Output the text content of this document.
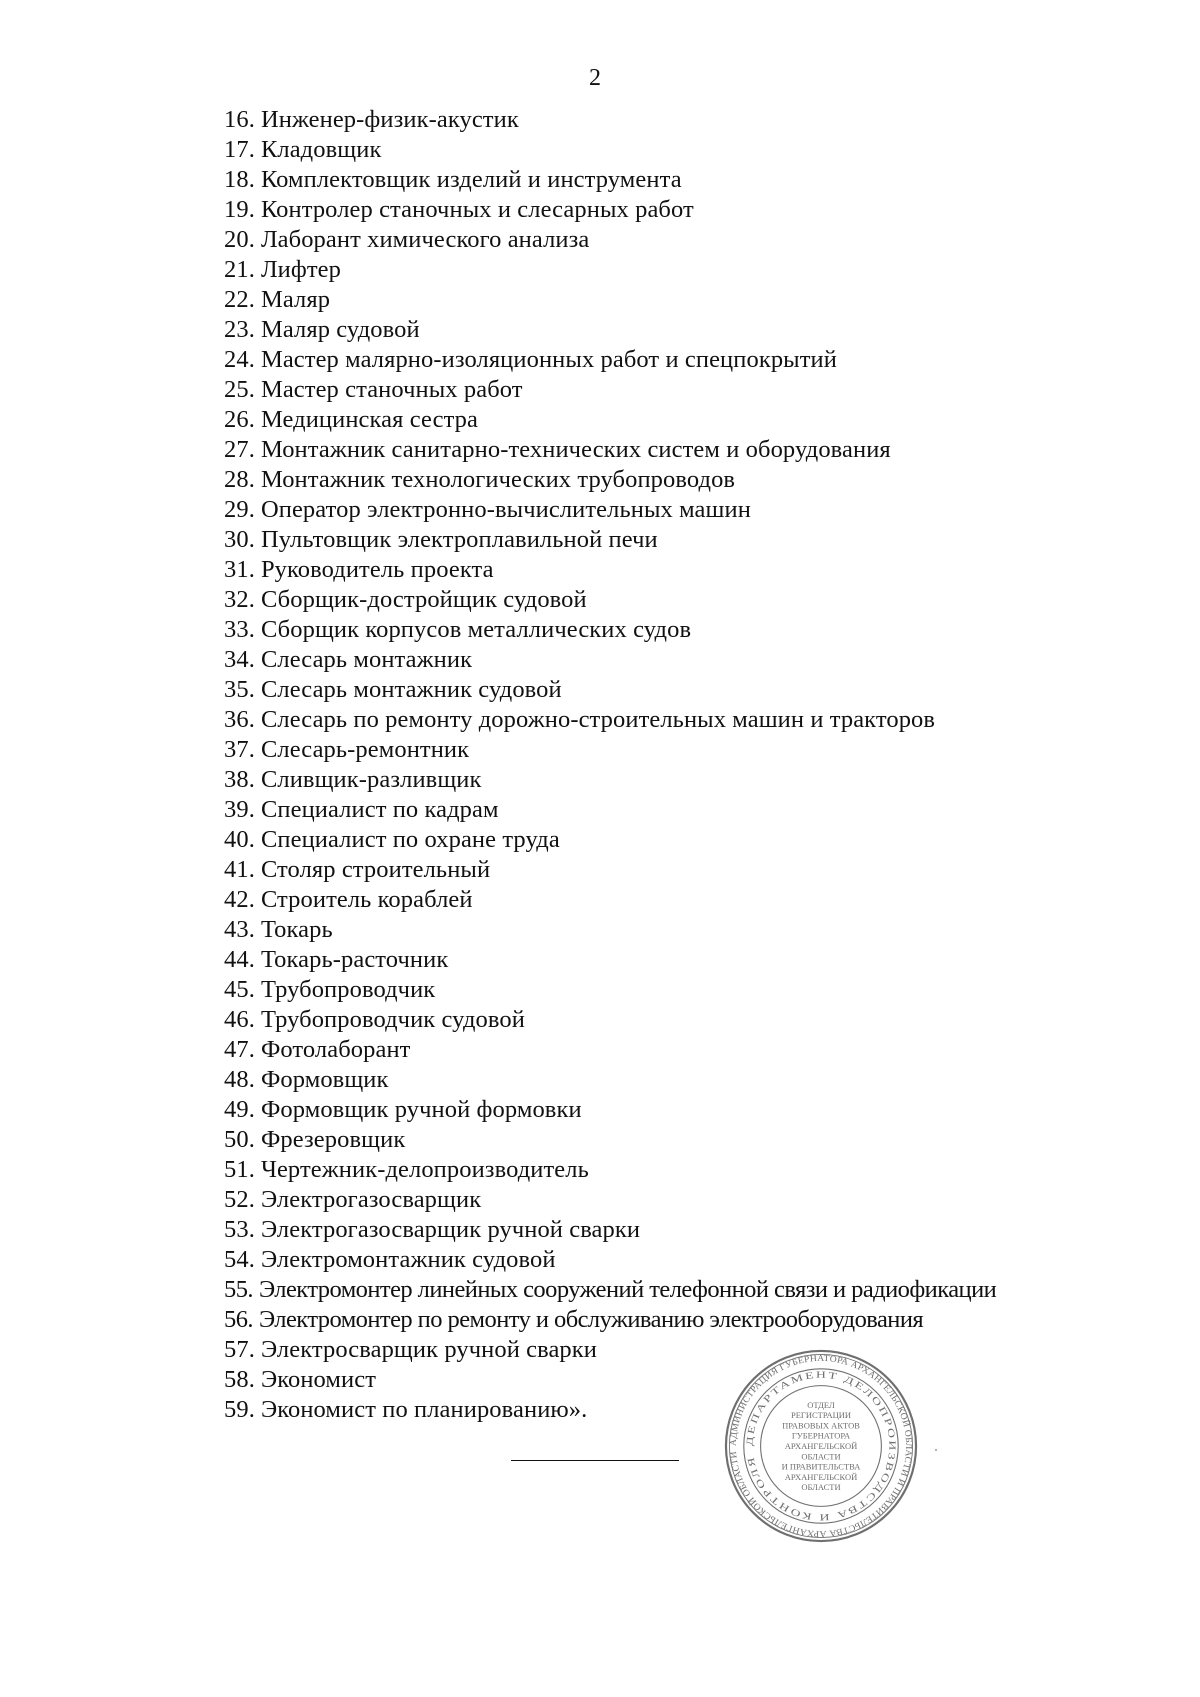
2
16. Инженер-физик-акустик
17. Кладовщик
18. Комплектовщик изделий и инструмента
19. Контролер станочных и слесарных работ
20. Лаборант химического анализа
21. Лифтер
22. Маляр
23. Маляр судовой
24. Мастер малярно-изоляционных работ и спецпокрытий
25. Мастер станочных работ
26. Медицинская сестра
27. Монтажник санитарно-технических систем и оборудования
28. Монтажник технологических трубопроводов
29. Оператор электронно-вычислительных машин
30. Пультовщик электроплавильной печи
31. Руководитель проекта
32. Сборщик-достройщик судовой
33. Сборщик корпусов металлических судов
34. Слесарь монтажник
35. Слесарь монтажник судовой
36. Слесарь по ремонту дорожно-строительных машин и тракторов
37. Слесарь-ремонтник
38. Сливщик-разливщик
39. Специалист по кадрам
40. Специалист по охране труда
41. Столяр строительный
42. Строитель кораблей
43. Токарь
44. Токарь-расточник
45. Трубопроводчик
46. Трубопроводчик судовой
47. Фотолаборант
48. Формовщик
49. Формовщик ручной формовки
50. Фрезеровщик
51. Чертежник-делопроизводитель
52. Электрогазосварщик
53. Электрогазосварщик ручной сварки
54. Электромонтажник судовой
55. Электромонтер линейных сооружений телефонной связи и радиофикации
56. Электромонтер по ремонту и обслуживанию электрооборудования
57. Электросварщик ручной сварки
58. Экономист
59. Экономист по планированию».
АДМИНИСТРАЦИЯ ГУБЕРНАТОРА АРХАНГЕЛЬСКОЙ ОБЛАСТИ И ПРАВИТЕЛЬСТВА АРХАНГЕЛЬСКОЙ ОБЛАСТИ
ДЕПАРТАМЕНТ ДЕЛОПРОИЗВОДСТВА И КОНТРОЛЯ
ОТДЕЛ
РЕГИСТРАЦИИ
ПРАВОВЫХ АКТОВ
ГУБЕРНАТОРА
АРХАНГЕЛЬСКОЙ
ОБЛАСТИ
И ПРАВИТЕЛЬСТВА
АРХАНГЕЛЬСКОЙ
ОБЛАСТИ
